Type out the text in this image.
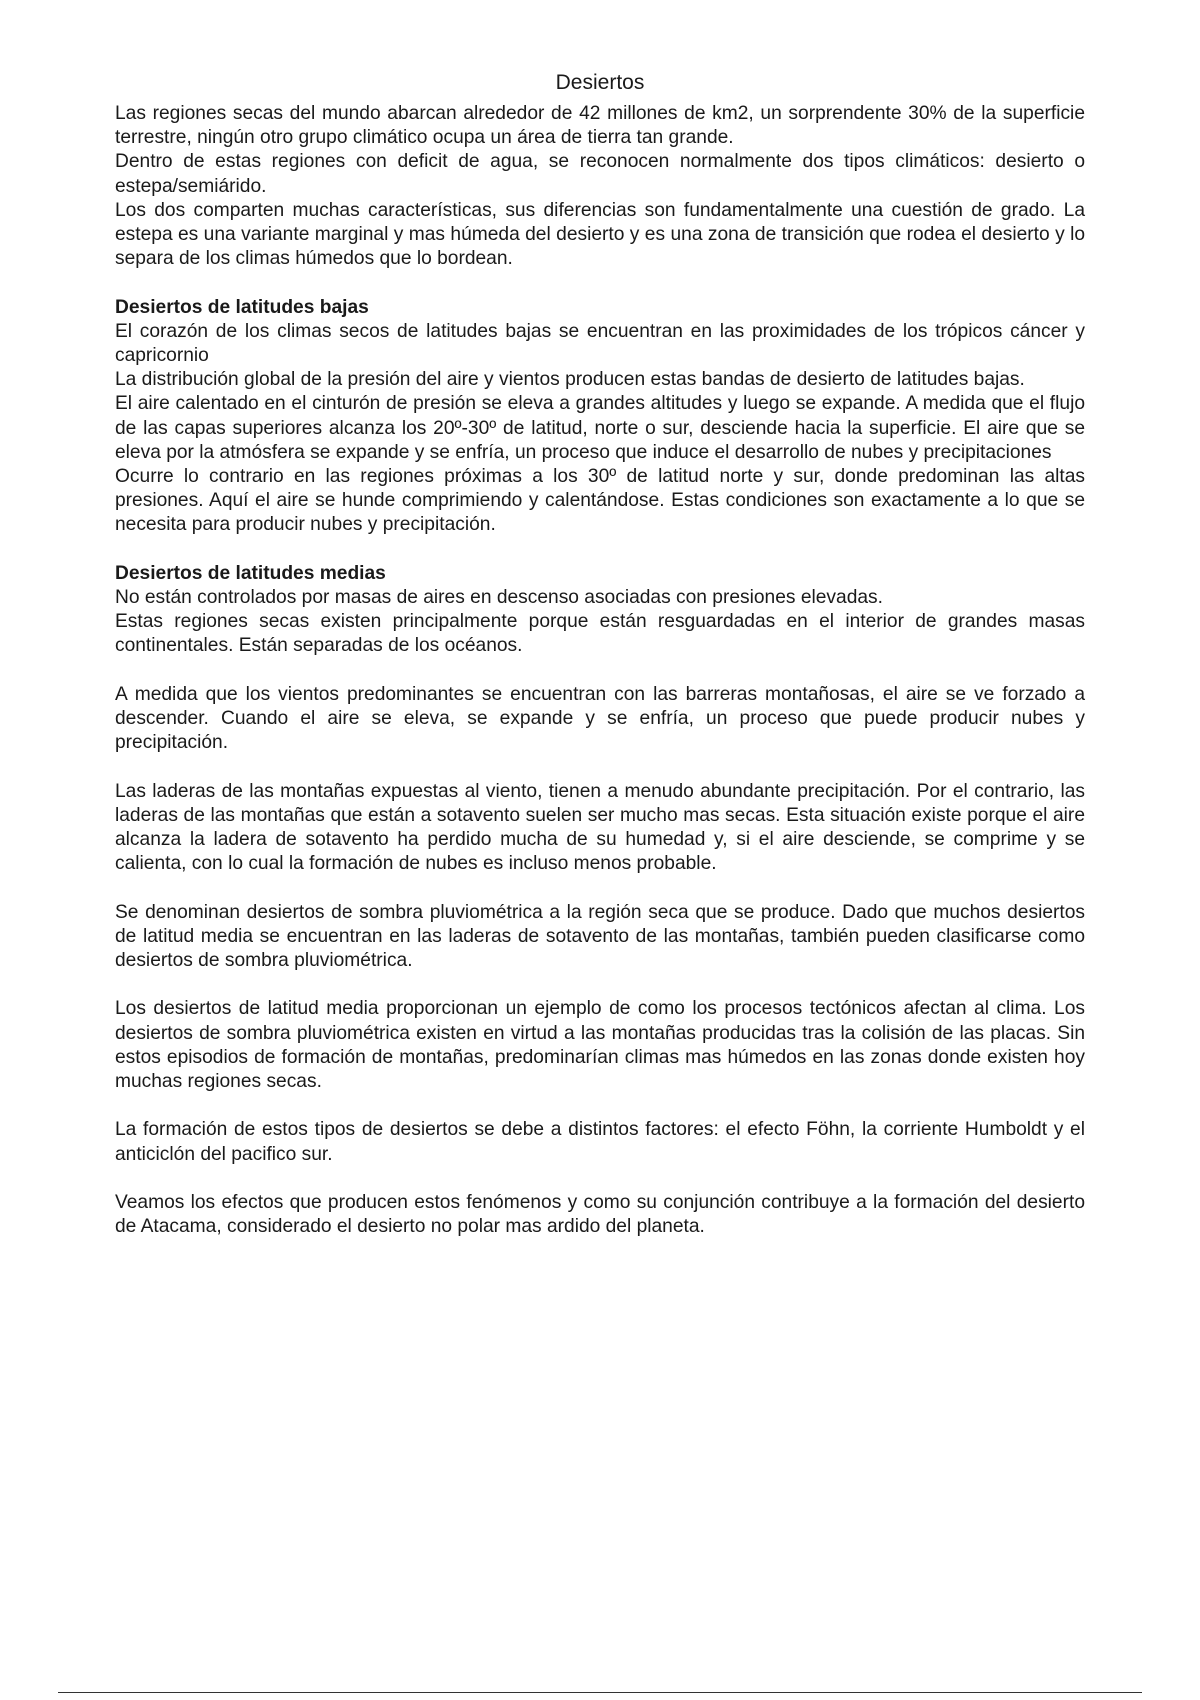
Desiertos

Las regiones secas del mundo abarcan alrededor de 42 millones de km2, un sorprendente 30% de la superficie terrestre, ningún otro grupo climático ocupa un área de tierra tan grande.

Dentro de estas regiones con deficit de agua, se reconocen normalmente dos tipos climáticos: desierto o estepa/semiárido.

Los dos comparten muchas características, sus diferencias son fundamentalmente una cuestión de grado. La estepa es una variante marginal y mas húmeda del desierto y es una zona de transición que rodea el desierto y lo separa de los climas húmedos que lo bordean.

Desiertos de latitudes bajas

El corazón de los climas secos de latitudes bajas se encuentran en las proximidades de los trópicos cáncer y capricornio

La distribución global de la presión del aire y vientos producen estas bandas de desierto de latitudes bajas.

El aire calentado en el cinturón de presión se eleva a grandes altitudes y luego se expande. A medida que el flujo de las capas superiores alcanza los 20º-30º de latitud, norte o sur, desciende hacia la superficie. El aire que se eleva por la atmósfera se expande y se enfría, un proceso que induce el desarrollo de nubes y precipitaciones

Ocurre lo contrario en las regiones próximas a los 30º de latitud norte y sur, donde predominan las altas presiones. Aquí el aire se hunde comprimiendo y calentándose. Estas condiciones son exactamente a lo que se necesita para producir nubes y precipitación.

Desiertos de latitudes medias

No están controlados por masas de aires en descenso asociadas con presiones elevadas.

Estas regiones secas existen principalmente porque están resguardadas en el interior de grandes masas continentales. Están separadas de los océanos.

A medida que los vientos predominantes se encuentran con las barreras montañosas, el aire se ve forzado a descender. Cuando el aire se eleva, se expande y se enfría, un proceso que puede producir nubes y precipitación.

Las laderas de las montañas expuestas al viento, tienen a menudo abundante precipitación. Por el contrario, las laderas de las montañas que están a sotavento suelen ser mucho mas secas. Esta situación existe porque el aire alcanza la ladera de sotavento ha perdido mucha de su humedad y, si el aire desciende, se comprime y se calienta, con lo cual la formación de nubes es incluso menos probable.

Se denominan desiertos de sombra pluviométrica a la región seca que se produce. Dado que muchos desiertos de latitud media se encuentran en las laderas de sotavento de las montañas, también pueden clasificarse como desiertos de sombra pluviométrica.

Los desiertos de latitud media proporcionan un ejemplo de como los procesos tectónicos afectan al clima. Los desiertos de sombra pluviométrica existen en virtud a las montañas producidas tras la colisión de las placas. Sin estos episodios de formación de montañas, predominarían climas mas húmedos en las zonas donde existen hoy muchas regiones secas.

La formación de estos tipos de desiertos se debe a distintos factores: el efecto Föhn, la corriente Humboldt y el anticiclón del pacifico sur.

Veamos los efectos que producen estos fenómenos y como su conjunción contribuye a la formación del desierto de Atacama, considerado el desierto no polar mas ardido del planeta.
